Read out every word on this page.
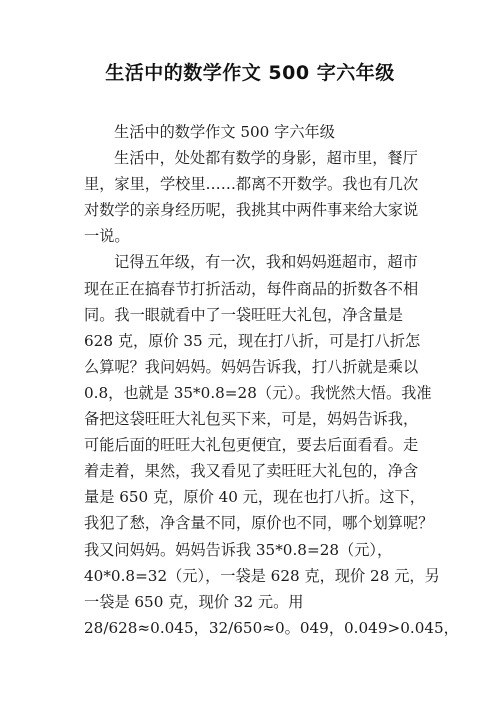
生活中的数学作文 500 字六年级
生活中的数学作文 500 字六年级
生活中，处处都有数学的身影，超市里，餐厅
里，家里，学校里……都离不开数学。我也有几次
对数学的亲身经历呢，我挑其中两件事来给大家说
一说。
记得五年级，有一次，我和妈妈逛超市，超市
现在正在搞春节打折活动，每件商品的折数各不相
同。我一眼就看中了一袋旺旺大礼包，净含量是
628 克，原价 35 元，现在打八折，可是打八折怎
么算呢？我问妈妈。妈妈告诉我，打八折就是乘以
0.8，也就是 35*0.8=28（元）。我恍然大悟。我准
备把这袋旺旺大礼包买下来，可是，妈妈告诉我，
可能后面的旺旺大礼包更便宜，要去后面看看。走
着走着，果然，我又看见了卖旺旺大礼包的，净含
量是 650 克，原价 40 元，现在也打八折。这下，
我犯了愁，净含量不同，原价也不同，哪个划算呢？
我又问妈妈。妈妈告诉我 35*0.8=28（元），
40*0.8=32（元），一袋是 628 克，现价 28 元，另
一袋是 650 克，现价 32 元。用
28/628≈0.045，32/650≈0。049，0.049>0.045，
